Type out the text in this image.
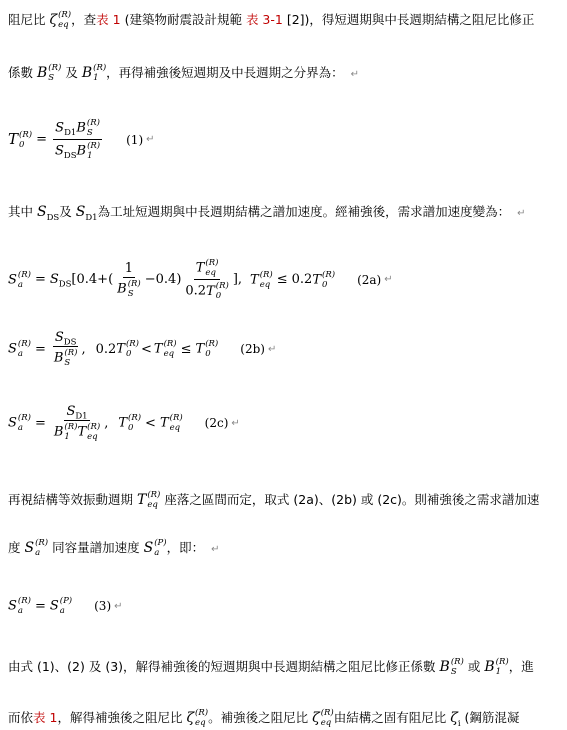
阻尼比 ζ (R)
eq ，查表 1 (建築物耐震設計規範 表 3-1 [2])，得短週期與中長週期結構之阻尼比修正
係數 B (R)
S 及 B (R)
1 ，再得補強後短週期及中長週期之分界為： ↵
T (R)
$0 = S_{D1}B$ (R)
S
$S_{DS}B$ (R)
1 (1) ↵
其中 $S_{DS}$及 $S_{D1}$為工址短週期與中長週期結構之譜加速度。經補強後，需求譜加速度變為： ↵
S (R)
$a = S_{DS}$ [ 0.4 +( 1
B (R)
S − 0.4) T (R)
eq
0.2T (R)
0 ], T (R)
eq ≤ 0.2 T (R)
0	(2a) ↵
S (R)
$a = S_{DS}$
B (R)
S , 0.2 T (R)
0 < T (R)
eq ≤ T (R)
0	(2b) ↵
S (R)
$a = S_{D1}$
B (R)
1 T (R)
eq , T (R)
0 < T (R)
eq (2c) ↵
再視結構等效振動週期 T (R)
eq 座落之區間而定，取式 (2a)、(2b) 或 (2c)。則補強後之需求譜加速
度 S (R)
a 同容量譜加速度 S (P)
a ，即： ↵
S (R)
a = S (P)
a	(3) ↵
由式 (1)、(2) 及 (3)，解得補強後的短週期與中長週期結構之阻尼比修正係數 B (R)
S 或 B (R)
1 ，進
而依表 1，解得補強後之阻尼比 ζ (R)
eq 。補強後之阻尼比 ζ (R)
eq 由結構之固有阻尼比 $\zeta_i$ (鋼筋混凝
